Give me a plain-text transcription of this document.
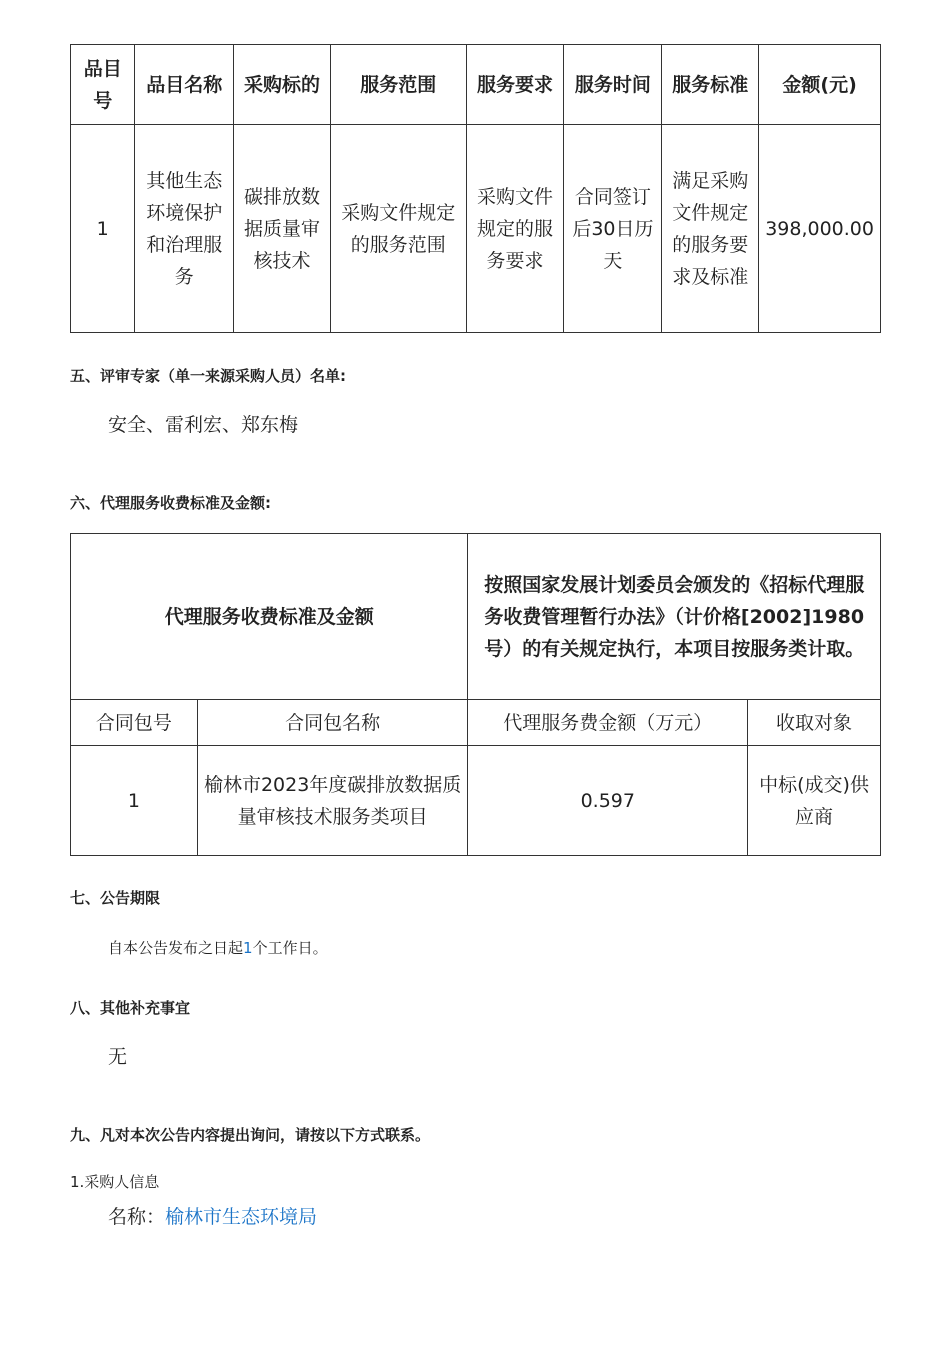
品目号	品目名称	采购标的	服务范围	服务要求	服务时间	服务标准	金额(元)
1	其他生态环境保护和治理服务	碳排放数据质量审核技术	采购文件规定的服务范围	采购文件规定的服务要求	合同签订后30日历天	满足采购文件规定的服务要求及标准	398,000.00
五、评审专家（单一来源采购人员）名单:
安全、雷利宏、郑东梅
六、代理服务收费标准及金额:
代理服务收费标准及金额		按照国家发展计划委员会颁发的《招标代理服务收费管理暂行办法》（计价格[2002]1980号）的有关规定执行，本项目按服务类计取。	
合同包号	合同包名称	代理服务费金额（万元）	收取对象
1	榆林市2023年度碳排放数据质量审核技术服务类项目	0.597	中标(成交)供应商
七、公告期限
自本公告发布之日起1个工作日。
八、其他补充事宜
无
九、凡对本次公告内容提出询问，请按以下方式联系。
1.采购人信息
名称：榆林市生态环境局
